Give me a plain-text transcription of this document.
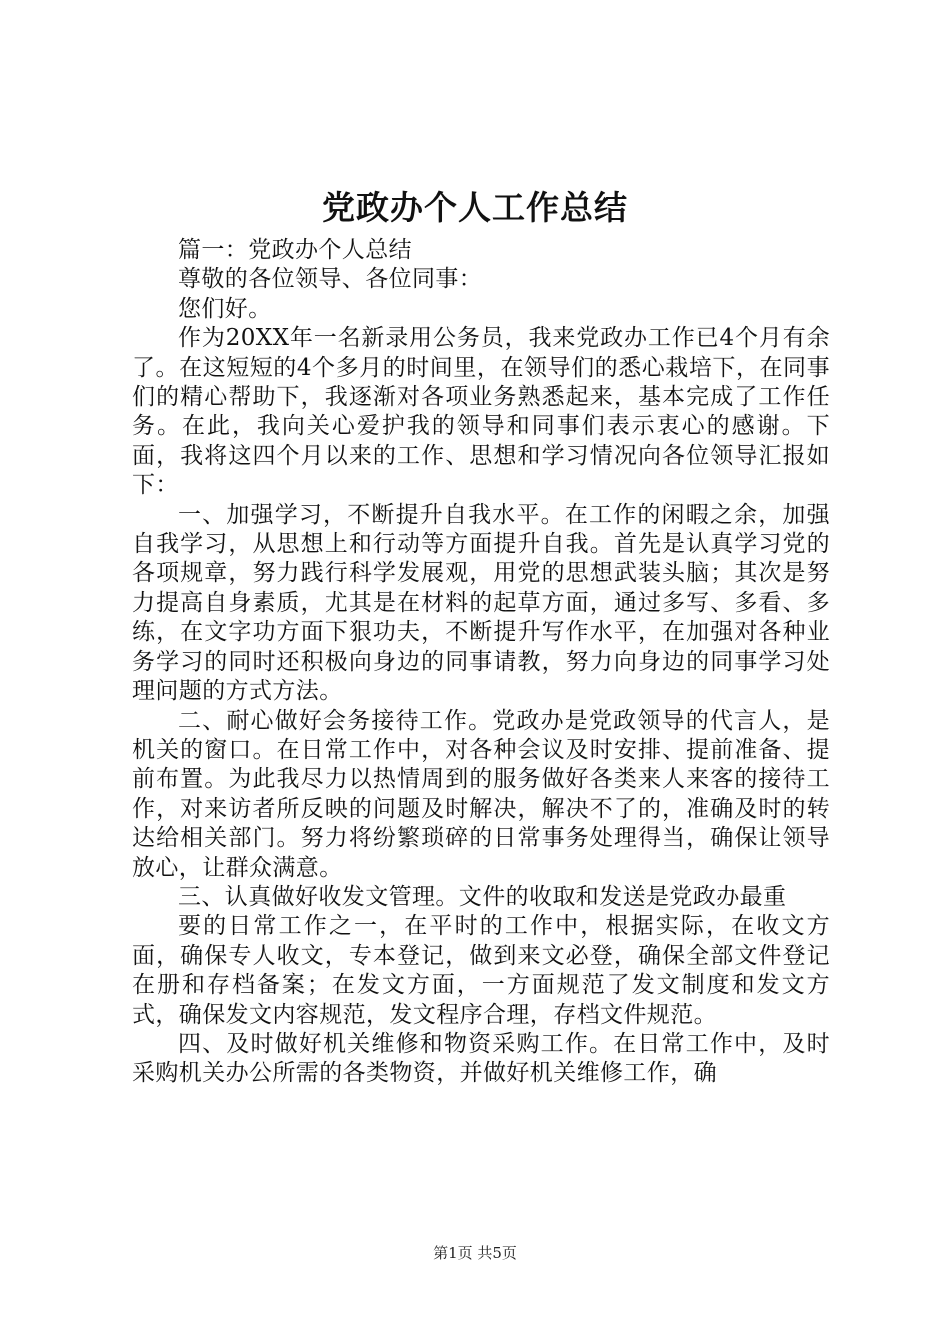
党政办个人工作总结

篇一：党政办个人总结

尊敬的各位领导、各位同事：

您们好。

作为20XX年一名新录用公务员，我来党政办工作已4个月有余了。在这短短的4个多月的时间里，在领导们的悉心栽培下，在同事们的精心帮助下，我逐渐对各项业务熟悉起来，基本完成了工作任务。在此，我向关心爱护我的领导和同事们表示衷心的感谢。下面，我将这四个月以来的工作、思想和学习情况向各位领导汇报如下：

一、加强学习，不断提升自我水平。在工作的闲暇之余，加强自我学习，从思想上和行动等方面提升自我。首先是认真学习党的各项规章，努力践行科学发展观，用党的思想武装头脑；其次是努力提高自身素质，尤其是在材料的起草方面，通过多写、多看、多练，在文字功方面下狠功夫，不断提升写作水平，在加强对各种业务学习的同时还积极向身边的同事请教，努力向身边的同事学习处理问题的方式方法。

二、耐心做好会务接待工作。党政办是党政领导的代言人，是机关的窗口。在日常工作中，对各种会议及时安排、提前准备、提前布置。为此我尽力以热情周到的服务做好各类来人来客的接待工作，对来访者所反映的问题及时解决，解决不了的，准确及时的转达给相关部门。努力将纷繁琐碎的日常事务处理得当，确保让领导放心，让群众满意。

三、认真做好收发文管理。文件的收取和发送是党政办最重

要的日常工作之一，在平时的工作中，根据实际，在收文方面，确保专人收文，专本登记，做到来文必登，确保全部文件登记在册和存档备案；在发文方面，一方面规范了发文制度和发文方式，确保发文内容规范，发文程序合理，存档文件规范。

四、及时做好机关维修和物资采购工作。在日常工作中，及时采购机关办公所需的各类物资，并做好机关维修工作，确

第1页 共5页
